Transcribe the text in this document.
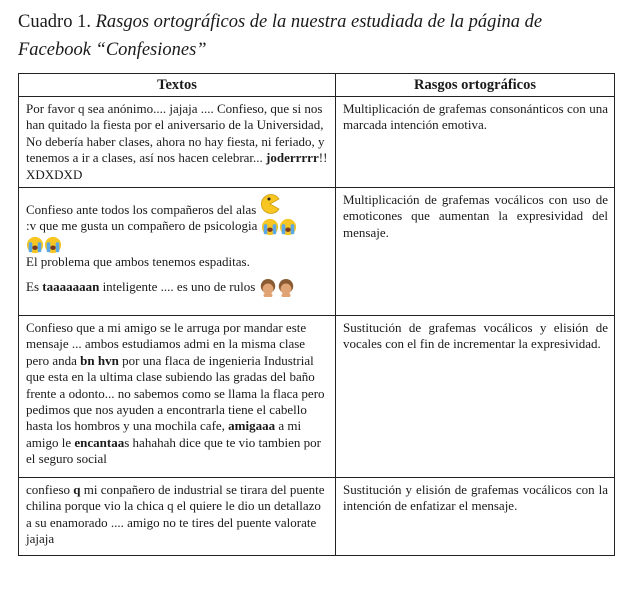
Cuadro 1. Rasgos ortográficos de la nuestra estudiada de la página de Facebook “Confesiones”
Textos	Rasgos ortográficos

Por favor q sea anónimo.... jajaja .... Confieso, que si nos han quitado la fiesta por el aniversario de la Universidad, No debería haber clases, ahora no hay fiesta, ni feriado, y tenemos a ir a clases, así nos hacen celebrar... joderrrrr!! XDXDXD	Multiplicación de grafemas consonánticos con una marcada intención emotiva.

Confieso ante todos los compañeros del alas
:v que me gusta un compañero de psicologia
El problema que ambos tenemos espaditas.
Es taaaaaaan inteligente .... es uno de rulos	Multiplicación de grafemas vocálicos con uso de emoticones que aumentan la expresividad del mensaje.

Confieso que a mi amigo se le arruga por mandar este mensaje ... ambos estudiamos admi en la misma clase pero anda bn hvn por una flaca de ingenieria Industrial que esta en la ultima clase subiendo las gradas del baño frente a odonto... no sabemos como se llama la flaca pero pedimos que nos ayuden a encontrarla tiene el cabello hasta los hombros y una mochila cafe, amigaaa a mi amigo le encantaas hahahah dice que te vio tambien por el seguro social	Sustitución de grafemas vocálicos y elisión de vocales con el fin de incrementar la expresividad.

confieso q mi conpañero de industrial se tirara del puente chilina porque vio la chica q el quiere le dio un detallazo a su enamorado .... amigo no te tires del puente valorate jajaja	Sustitución y elisión de grafemas vocálicos con la intención de enfatizar el mensaje.
